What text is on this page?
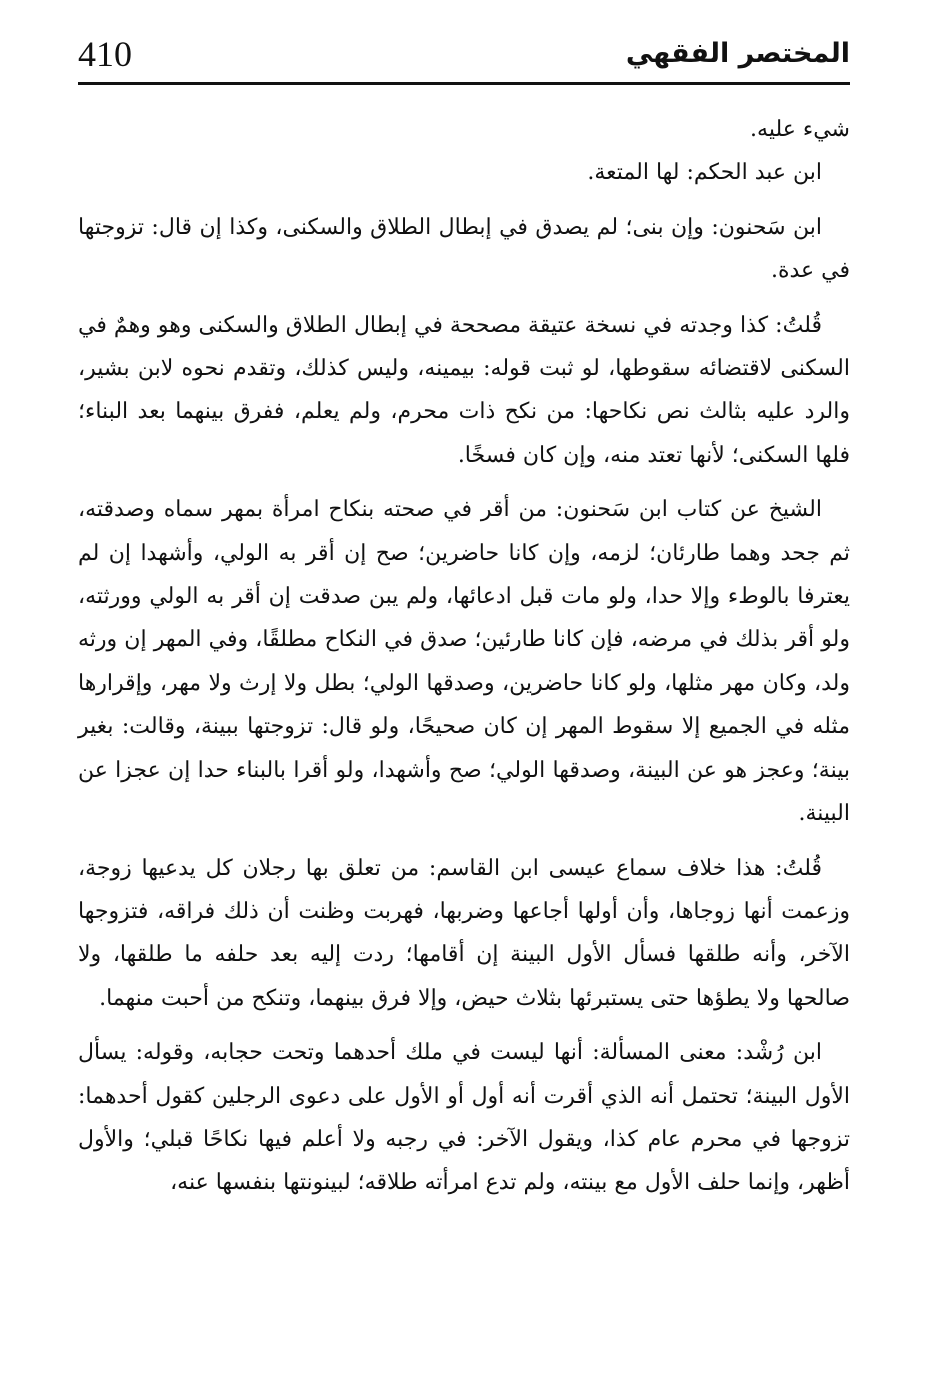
410	المختصر الفقهي

شيء عليه.

ابن عبد الحكم: لها المتعة.

ابن سَحنون: وإن بنى؛ لم يصدق في إبطال الطلاق والسكنى، وكذا إن قال: تزوجتها في عدة.

قُلتُ: كذا وجدته في نسخة عتيقة مصححة في إبطال الطلاق والسكنى وهو وهمٌ في السكنى لاقتضائه سقوطها، لو ثبت قوله: بيمينه، وليس كذلك، وتقدم نحوه لابن بشير، والرد عليه بثالث نص نكاحها: من نكح ذات محرم، ولم يعلم، ففرق بينهما بعد البناء؛ فلها السكنى؛ لأنها تعتد منه، وإن كان فسخًا.

الشيخ عن كتاب ابن سَحنون: من أقر في صحته بنكاح امرأة بمهر سماه وصدقته، ثم جحد وهما طارئان؛ لزمه، وإن كانا حاضرين؛ صح إن أقر به الولي، وأشهدا إن لم يعترفا بالوطء وإلا حدا، ولو مات قبل ادعائها، ولم يبن صدقت إن أقر به الولي وورثته، ولو أقر بذلك في مرضه، فإن كانا طارئين؛ صدق في النكاح مطلقًا، وفي المهر إن ورثه ولد، وكان مهر مثلها، ولو كانا حاضرين، وصدقها الولي؛ بطل ولا إرث ولا مهر، وإقرارها مثله في الجميع إلا سقوط المهر إن كان صحيحًا، ولو قال: تزوجتها ببينة، وقالت: بغير بينة؛ وعجز هو عن البينة، وصدقها الولي؛ صح وأشهدا، ولو أقرا بالبناء حدا إن عجزا عن البينة.

قُلتُ: هذا خلاف سماع عيسى ابن القاسم: من تعلق بها رجلان كل يدعيها زوجة، وزعمت أنها زوجاها، وأن أولها أجاعها وضربها، فهربت وظنت أن ذلك فراقه، فتزوجها الآخر، وأنه طلقها فسأل الأول البينة إن أقامها؛ ردت إليه بعد حلفه ما طلقها، ولا صالحها ولا يطؤها حتى يستبرئها بثلاث حيض، وإلا فرق بينهما، وتنكح من أحبت منهما.

ابن رُشْد: معنى المسألة: أنها ليست في ملك أحدهما وتحت حجابه، وقوله: يسأل الأول البينة؛ تحتمل أنه الذي أقرت أنه أول أو الأول على دعوى الرجلين كقول أحدهما: تزوجها في محرم عام كذا، ويقول الآخر: في رجبه ولا أعلم فيها نكاحًا قبلي؛ والأول أظهر، وإنما حلف الأول مع بينته، ولم تدع امرأته طلاقه؛ لبينونتها بنفسها عنه،
